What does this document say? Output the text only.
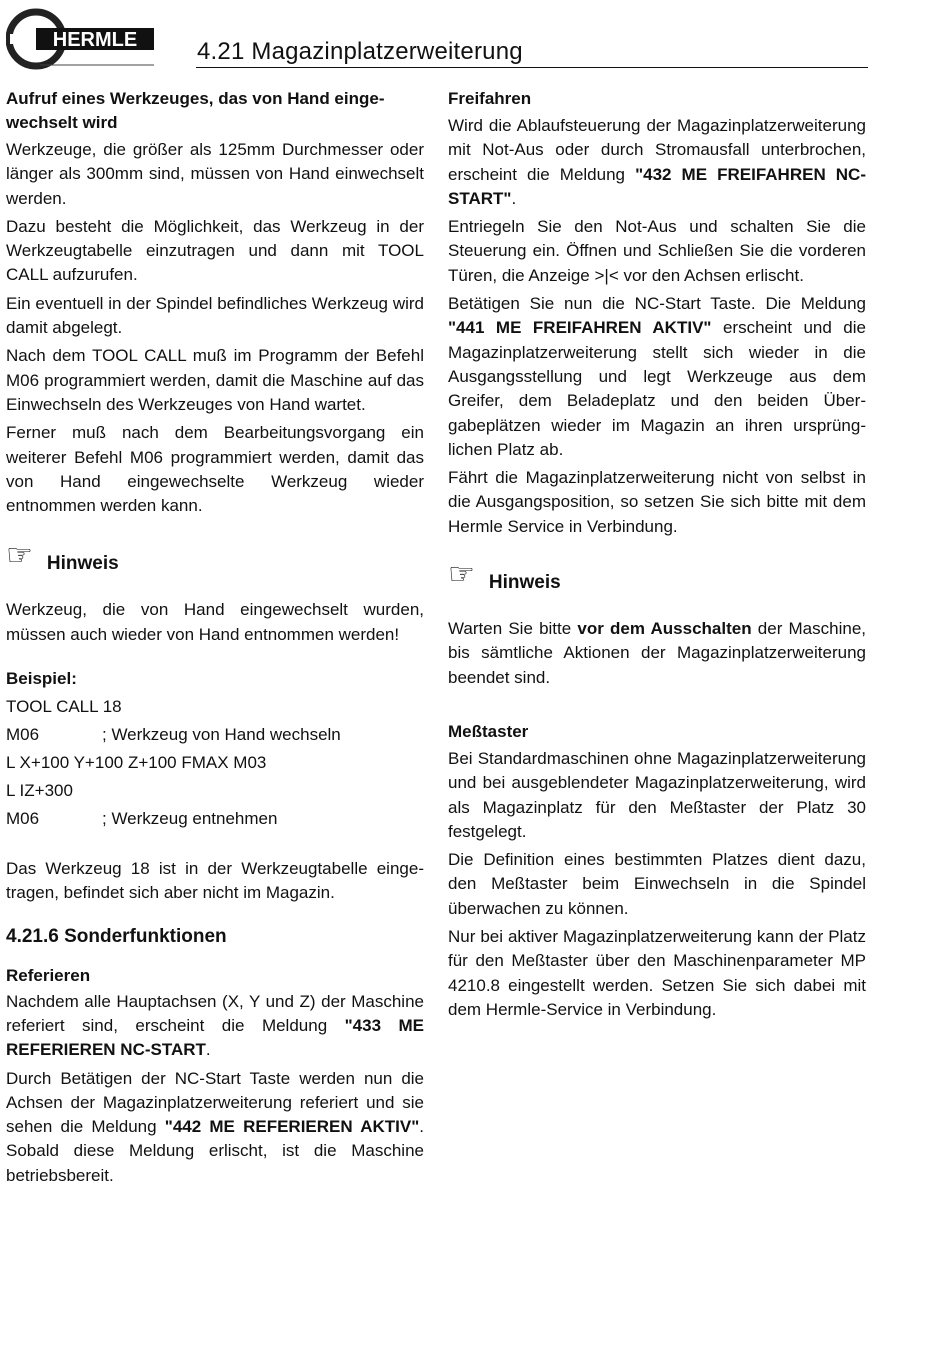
HERMLE 4.21 Magazinplatzerweiterung

Aufruf eines Werkzeuges, das von Hand eingewechselt wird

Werkzeuge, die größer als 125mm Durchmesser oder länger als 300mm sind, müssen von Hand einwechselt werden.

Dazu besteht die Möglichkeit, das Werkzeug in der Werkzeugtabelle einzutragen und dann mit TOOL CALL aufzurufen.

Ein eventuell in der Spindel befindliches Werkzeug wird damit abgelegt.

Nach dem TOOL CALL muß im Programm der Befehl M06 programmiert werden, damit die Maschine auf das Einwechseln des Werkzeuges von Hand wartet.

Ferner muß nach dem Bearbeitungsvorgang ein weiterer Befehl M06 programmiert werden, damit das von Hand eingewechselte Werkzeug wieder entnommen werden kann.

☞ Hinweis

Werkzeug, die von Hand eingewechselt wurden, müssen auch wieder von Hand entnommen werden!

Beispiel:

TOOL CALL 18
M06	; Werkzeug von Hand wechseln
L X+100 Y+100 Z+100 FMAX M03
L IZ+300
M06	; Werkzeug entnehmen

Das Werkzeug 18 ist in der Werkzeugtabelle eingetragen, befindet sich aber nicht im Magazin.

4.21.6 Sonderfunktionen

Referieren

Nachdem alle Hauptachsen (X, Y und Z) der Maschine referiert sind, erscheint die Meldung "433 ME REFERIEREN NC-START.

Durch Betätigen der NC-Start Taste werden nun die Achsen der Magazinplatzerweiterung referiert und sie sehen die Meldung "442 ME REFERIEREN AKTIV". Sobald diese Meldung erlischt, ist die Maschine betriebsbereit.

Freifahren

Wird die Ablaufsteuerung der Magazinplatzerweiterung mit Not-Aus oder durch Stromausfall unterbrochen, erscheint die Meldung "432 ME FREIFAHREN NC-START".

Entriegeln Sie den Not-Aus und schalten Sie die Steuerung ein. Öffnen und Schließen Sie die vorderen Türen, die Anzeige >|< vor den Achsen erlischt.

Betätigen Sie nun die NC-Start Taste. Die Meldung "441 ME FREIFAHREN AKTIV" erscheint und die Magazinplatzerweiterung stellt sich wieder in die Ausgangsstellung und legt Werkzeuge aus dem Greifer, dem Beladeplatz und den beiden Übergabeplätzen wieder im Magazin an ihren ursprünglichen Platz ab.

Fährt die Magazinplatzerweiterung nicht von selbst in die Ausgangsposition, so setzen Sie sich bitte mit dem Hermle Service in Verbindung.

☞ Hinweis

Warten Sie bitte vor dem Ausschalten der Maschine, bis sämtliche Aktionen der Magazinplatzerweiterung beendet sind.

Meßtaster

Bei Standardmaschinen ohne Magazinplatzerweiterung und bei ausgeblendeter Magazinplatzerweiterung, wird als Magazinplatz für den Meßtaster der Platz 30 festgelegt.

Die Definition eines bestimmten Platzes dient dazu, den Meßtaster beim Einwechseln in die Spindel überwachen zu können.

Nur bei aktiver Magazinplatzerweiterung kann der Platz für den Meßtaster über den Maschinenparameter MP 4210.8 eingestellt werden. Setzen Sie sich dabei mit dem Hermle-Service in Verbindung.
